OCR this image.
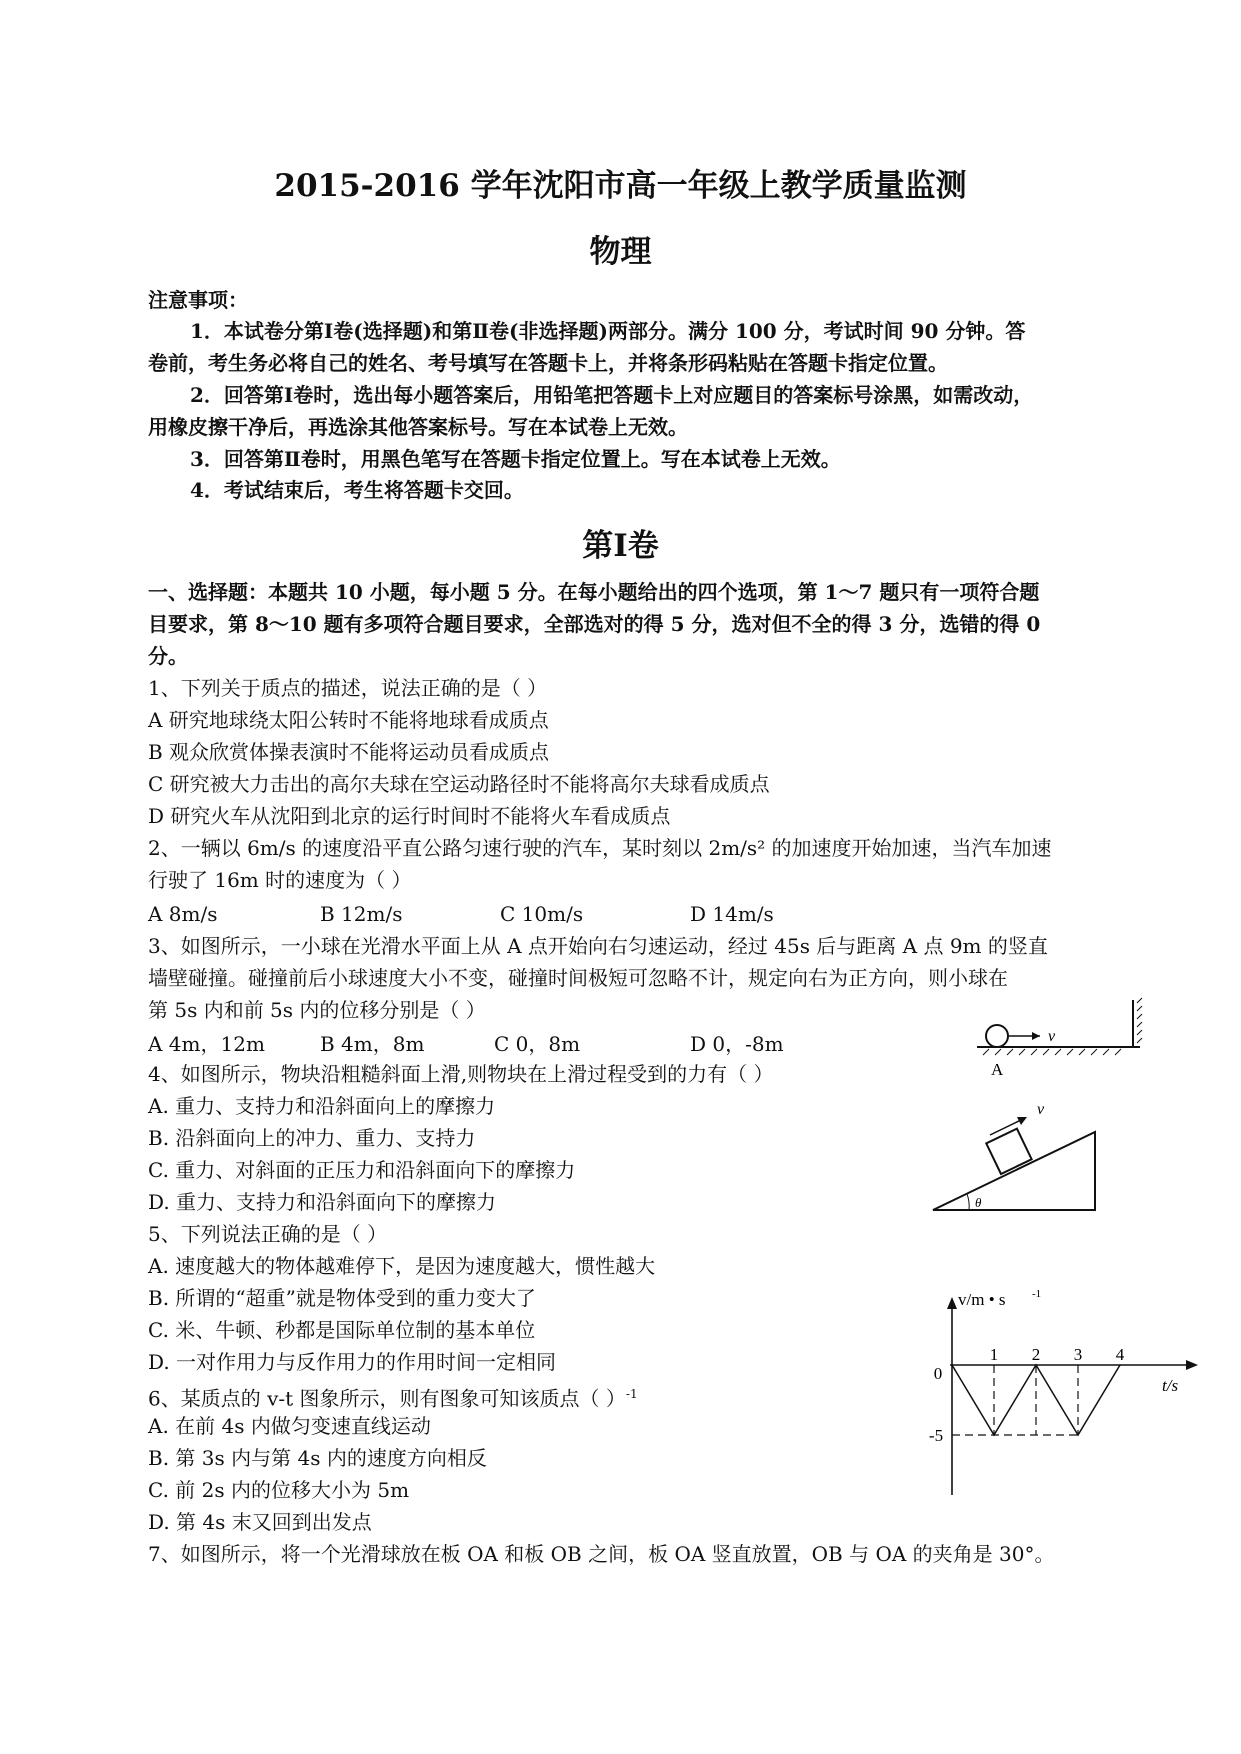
2015-2016 学年沈阳市高一年级上教学质量监测
物理
注意事项：
1．本试卷分第Ⅰ卷(选择题)和第Ⅱ卷(非选择题)两部分。满分 100 分，考试时间 90 分钟。答
卷前，考生务必将自己的姓名、考号填写在答题卡上，并将条形码粘贴在答题卡指定位置。
2．回答第Ⅰ卷时，选出每小题答案后，用铅笔把答题卡上对应题目的答案标号涂黑，如需改动，
用橡皮擦干净后，再选涂其他答案标号。写在本试卷上无效。
3．回答第Ⅱ卷时，用黑色笔写在答题卡指定位置上。写在本试卷上无效。
4．考试结束后，考生将答题卡交回。
第Ⅰ卷
一、选择题：本题共 10 小题，每小题 5 分。在每小题给出的四个选项，第 1～7 题只有一项符合题
目要求，第 8～10 题有多项符合题目要求，全部选对的得 5 分，选对但不全的得 3 分，选错的得 0
分。
1、下列关于质点的描述，说法正确的是（ ）
A 研究地球绕太阳公转时不能将地球看成质点
B 观众欣赏体操表演时不能将运动员看成质点
C 研究被大力击出的高尔夫球在空运动路径时不能将高尔夫球看成质点
D 研究火车从沈阳到北京的运行时间时不能将火车看成质点
2、一辆以 6m/s 的速度沿平直公路匀速行驶的汽车，某时刻以 2m/s² 的加速度开始加速，当汽车加速
行驶了 16m 时的速度为（ ）
A 8m/s	B 12m/s	C 10m/s	D 14m/s
3、如图所示，一小球在光滑水平面上从 A 点开始向右匀速运动，经过 45s 后与距离 A 点 9m 的竖直
墙壁碰撞。碰撞前后小球速度大小不变，碰撞时间极短可忽略不计，规定向右为正方向，则小球在
第 5s 内和前 5s 内的位移分别是（ ）
A 4m，12m	B 4m，8m	C 0，8m	D 0，-8m	v
A
4、如图所示，物块沿粗糙斜面上滑,则物块在上滑过程受到的力有（ ）
A. 重力、支持力和沿斜面向上的摩擦力
B. 沿斜面向上的冲力、重力、支持力
C. 重力、对斜面的正压力和沿斜面向下的摩擦力
D. 重力、支持力和沿斜面向下的摩擦力
v
θ
5、下列说法正确的是（ ）
A. 速度越大的物体越难停下，是因为速度越大，惯性越大
B. 所谓的“超重”就是物体受到的重力变大了
C. 米、牛顿、秒都是国际单位制的基本单位
D. 一对作用力与反作用力的作用时间一定相同
6、某质点的 v-t 图象所示，则有图象可知该质点（ ）$^{-1}$
A. 在前 4s 内做匀变速直线运动
B. 第 3s 内与第 4s 内的速度方向相反
C. 前 2s 内的位移大小为 5m
D. 第 4s 末又回到出发点
1 2 3 4
0
-5
t/s
v/m • s -1
7、如图所示，将一个光滑球放在板 OA 和板 OB 之间，板 OA 竖直放置，OB 与 OA 的夹角是 30°。
